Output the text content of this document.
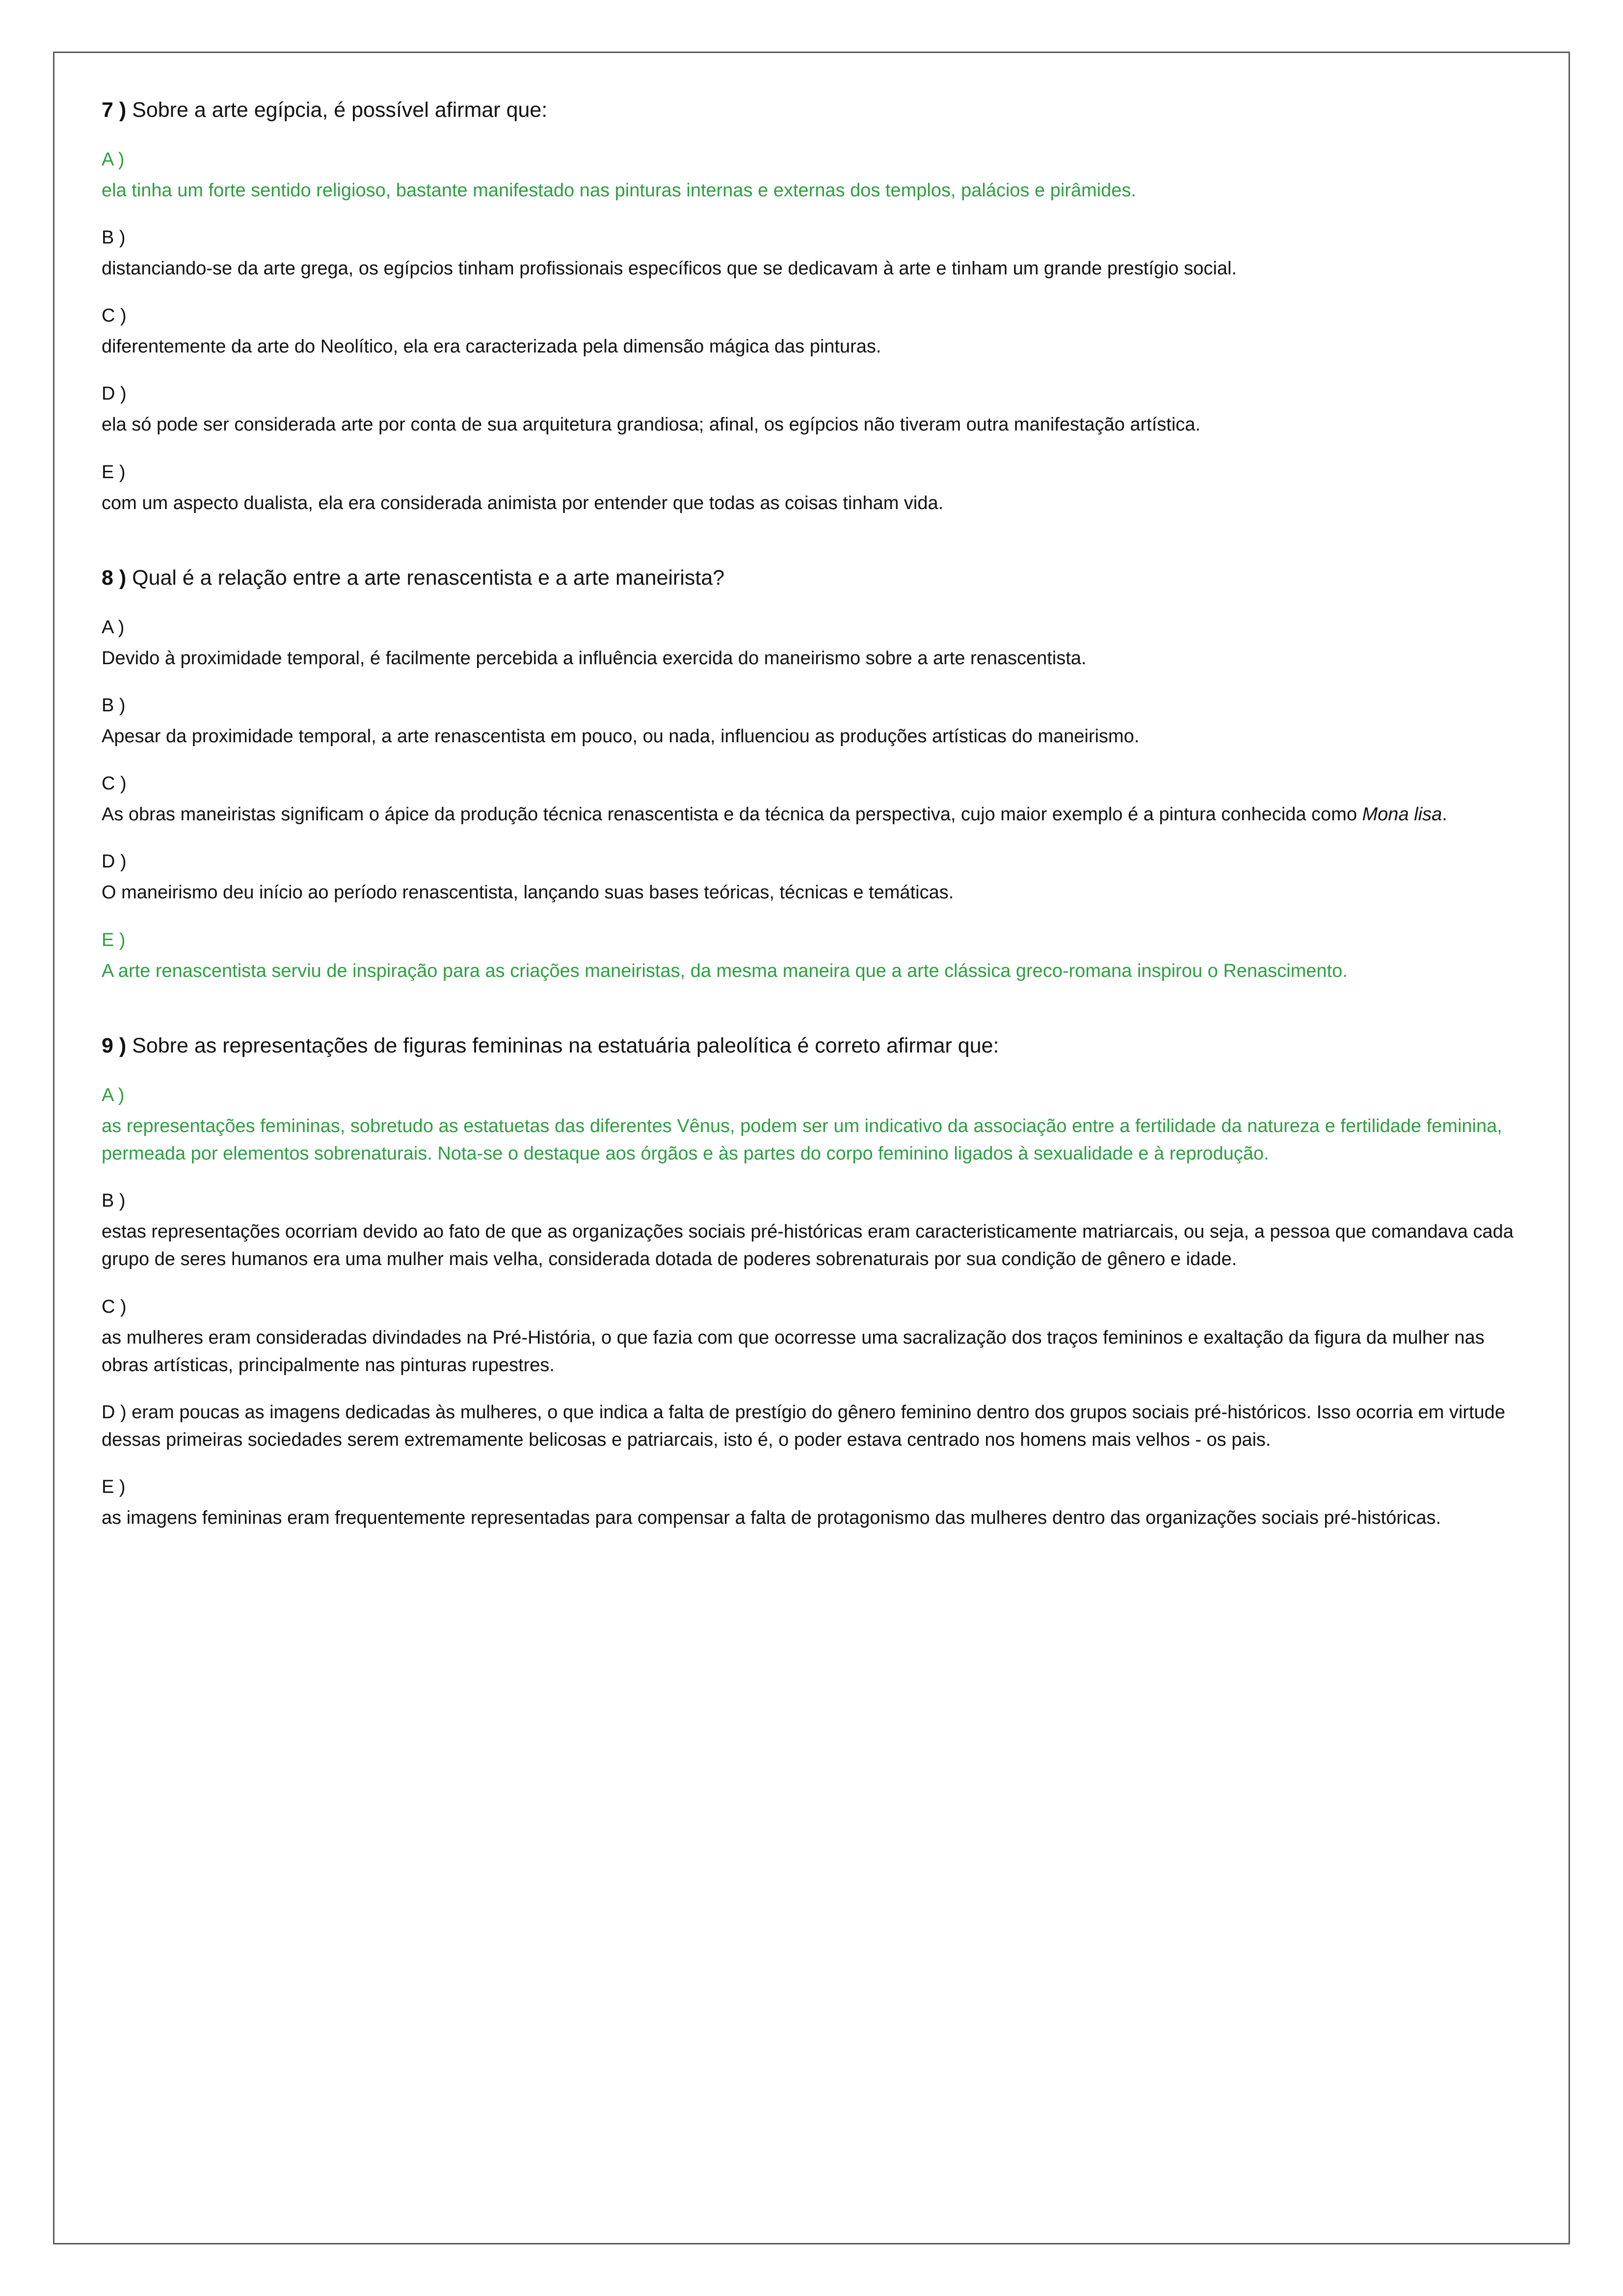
7 ) Sobre a arte egípcia, é possível afirmar que:

A )

ela tinha um forte sentido religioso, bastante manifestado nas pinturas internas e externas dos templos, palácios e pirâmides.

B )

distanciando-se da arte grega, os egípcios tinham profissionais específicos que se dedicavam à arte e tinham um grande prestígio social.

C )

diferentemente da arte do Neolítico, ela era caracterizada pela dimensão mágica das pinturas.

D )

ela só pode ser considerada arte por conta de sua arquitetura grandiosa; afinal, os egípcios não tiveram outra manifestação artística.

E )

com um aspecto dualista, ela era considerada animista por entender que todas as coisas tinham vida.

8 ) Qual é a relação entre a arte renascentista e a arte maneirista?

A )

Devido à proximidade temporal, é facilmente percebida a influência exercida do maneirismo sobre a arte renascentista.

B )

Apesar da proximidade temporal, a arte renascentista em pouco, ou nada, influenciou as produções artísticas do maneirismo.

C )

As obras maneiristas significam o ápice da produção técnica renascentista e da técnica da perspectiva, cujo maior exemplo é a pintura conhecida como Mona lisa.

D )

O maneirismo deu início ao período renascentista, lançando suas bases teóricas, técnicas e temáticas.

E )

A arte renascentista serviu de inspiração para as criações maneiristas, da mesma maneira que a arte clássica greco-romana inspirou o Renascimento.

9 ) Sobre as representações de figuras femininas na estatuária paleolítica é correto afirmar que:

A )

as representações femininas, sobretudo as estatuetas das diferentes Vênus, podem ser um indicativo da associação entre a fertilidade da natureza e fertilidade feminina, permeada por elementos sobrenaturais. Nota-se o destaque aos órgãos e às partes do corpo feminino ligados à sexualidade e à reprodução.

B )

estas representações ocorriam devido ao fato de que as organizações sociais pré-históricas eram caracteristicamente matriarcais, ou seja, a pessoa que comandava cada grupo de seres humanos era uma mulher mais velha, considerada dotada de poderes sobrenaturais por sua condição de gênero e idade.

C )

as mulheres eram consideradas divindades na Pré-História, o que fazia com que ocorresse uma sacralização dos traços femininos e exaltação da figura da mulher nas obras artísticas, principalmente nas pinturas rupestres.

D ) eram poucas as imagens dedicadas às mulheres, o que indica a falta de prestígio do gênero feminino dentro dos grupos sociais pré-históricos. Isso ocorria em virtude dessas primeiras sociedades serem extremamente belicosas e patriarcais, isto é, o poder estava centrado nos homens mais velhos - os pais.

E )

as imagens femininas eram frequentemente representadas para compensar a falta de protagonismo das mulheres dentro das organizações sociais pré-históricas.
